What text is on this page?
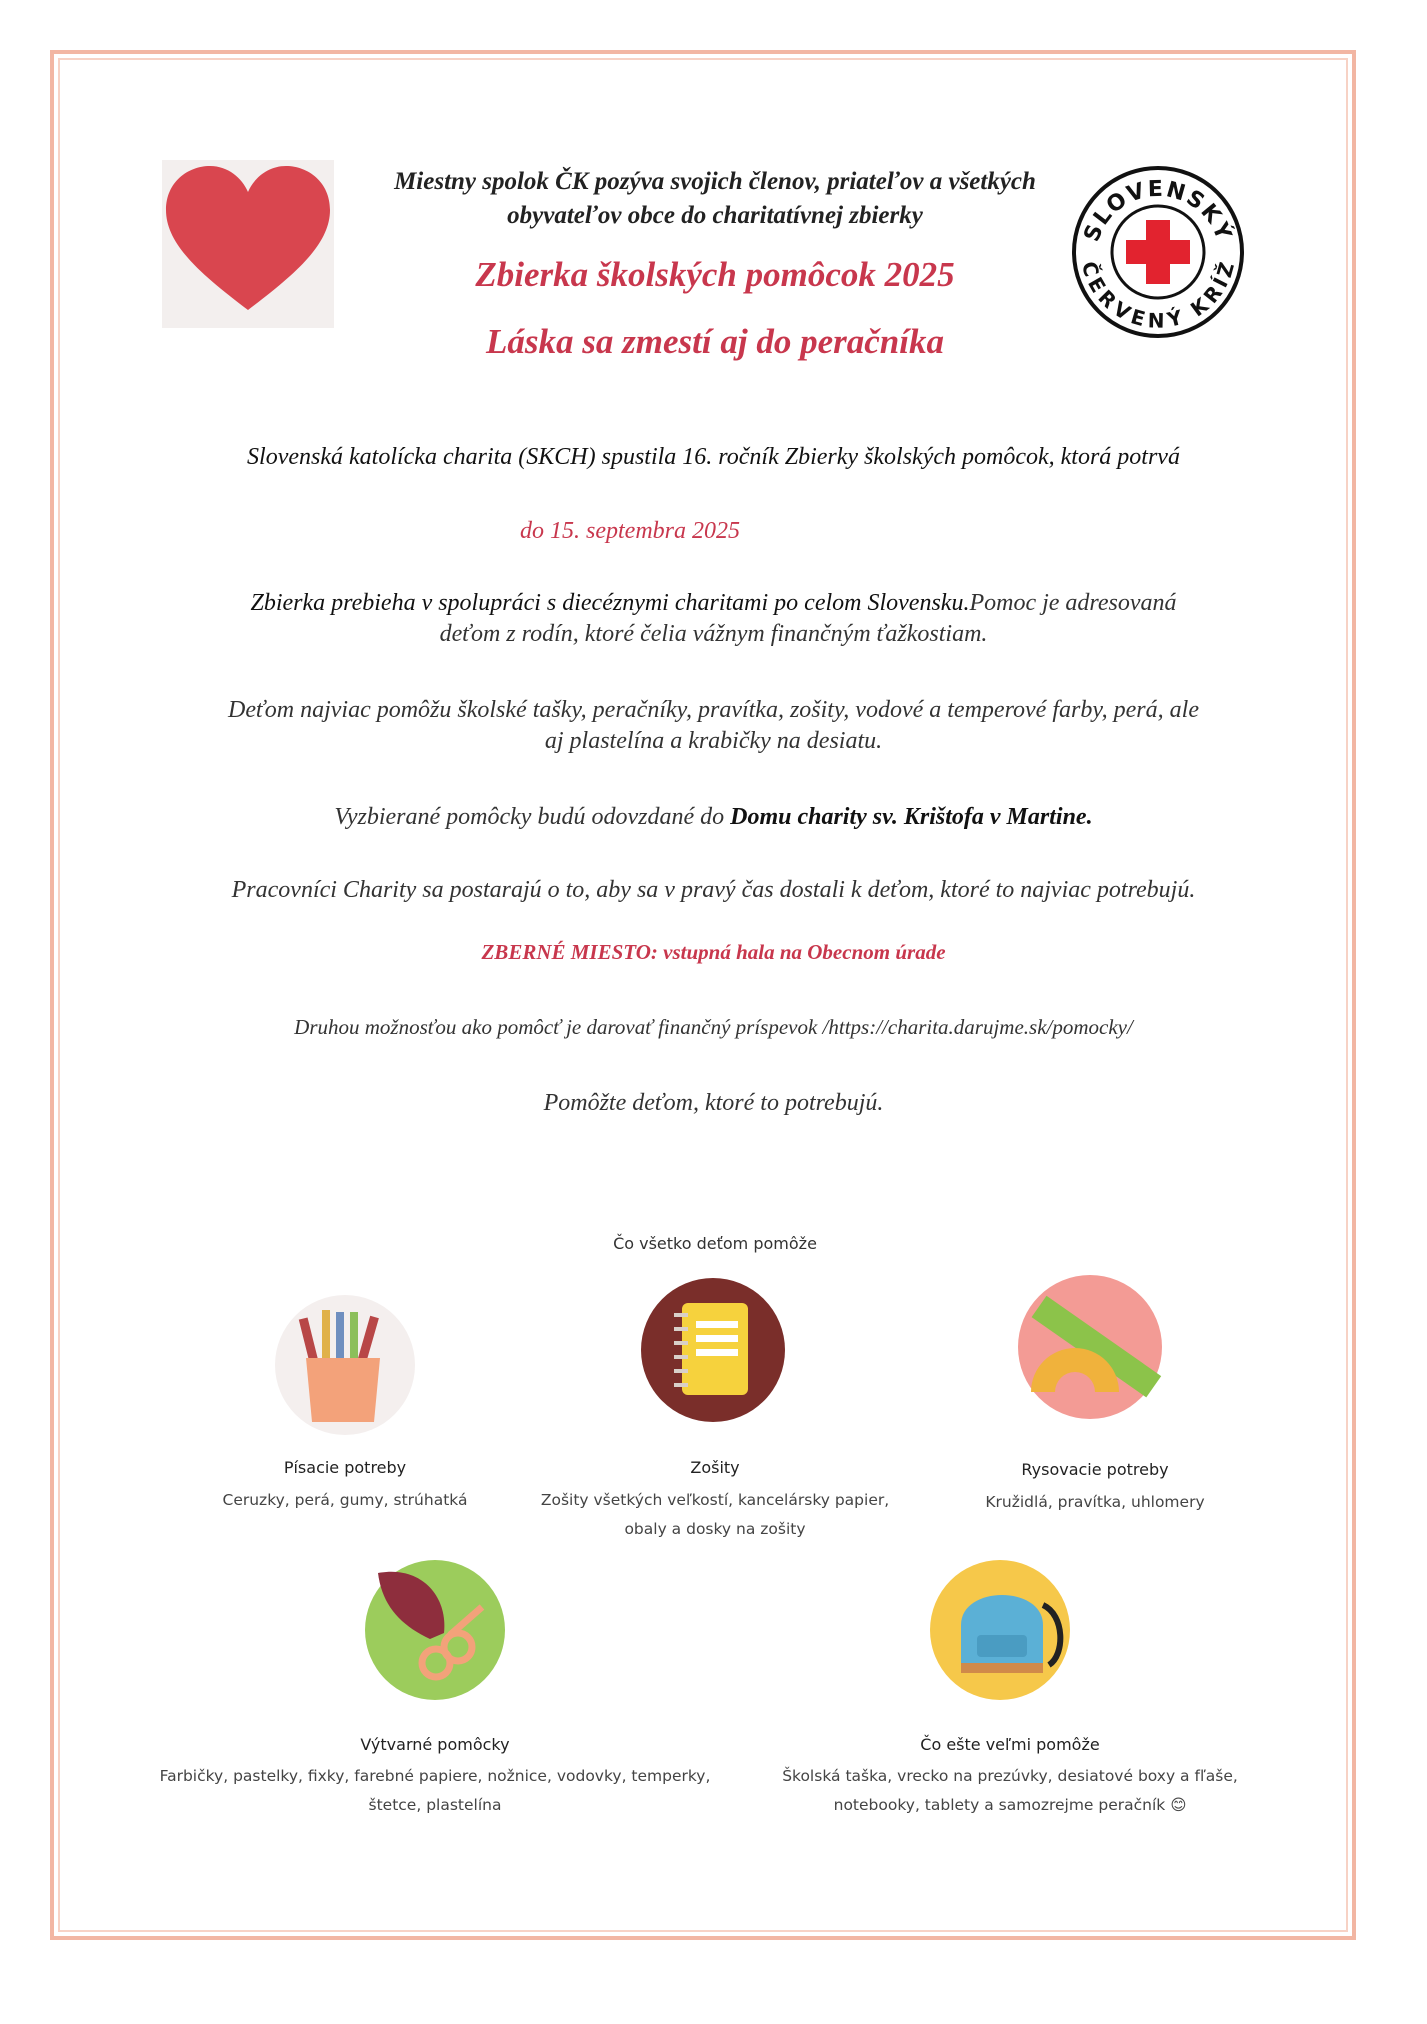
SLOVENSKÝ
ČERVENÝ KRÍŽ
Miestny spolok ČK pozýva svojich členov, priateľov a všetkých
obyvateľov obce do charitatívnej zbierky
Zbierka školských pomôcok 2025
Láska sa zmestí aj do peračníka
Slovenská katolícka charita (SKCH) spustila 16. ročník Zbierky školských pomôcok, ktorá potrvá
do 15. septembra 2025
Zbierka prebieha v spolupráci s diecéznymi charitami po celom Slovensku.Pomoc je adresovaná
deťom z rodín, ktoré čelia vážnym finančným ťažkostiam.
Deťom najviac pomôžu školské tašky, peračníky, pravítka, zošity, vodové a temperové farby, perá, ale
aj plastelína a krabičky na desiatu.
Vyzbierané pomôcky budú odovzdané do Domu charity sv. Krištofa v Martine.
Pracovníci Charity sa postarajú o to, aby sa v pravý čas dostali k deťom, ktoré to najviac potrebujú.
ZBERNÉ MIESTO: vstupná hala na Obecnom úrade
Druhou možnosťou ako pomôcť je darovať finančný príspevok /https://charita.darujme.sk/pomocky/
Pomôžte deťom, ktoré to potrebujú.
Čo všetko deťom pomôže
Písacie potreby
Ceruzky, perá, gumy, strúhatká
Zošity
Zošity všetkých veľkostí, kancelársky papier,
obaly a dosky na zošity
Rysovacie potreby
Kružidlá, pravítka, uhlomery
Výtvarné pomôcky
Farbičky, pastelky, fixky, farebné papiere, nožnice, vodovky, temperky,
štetce, plastelína
Čo ešte veľmi pomôže
Školská taška, vrecko na prezúvky, desiatové boxy a fľaše,
notebooky, tablety a samozrejme peračník 😊
